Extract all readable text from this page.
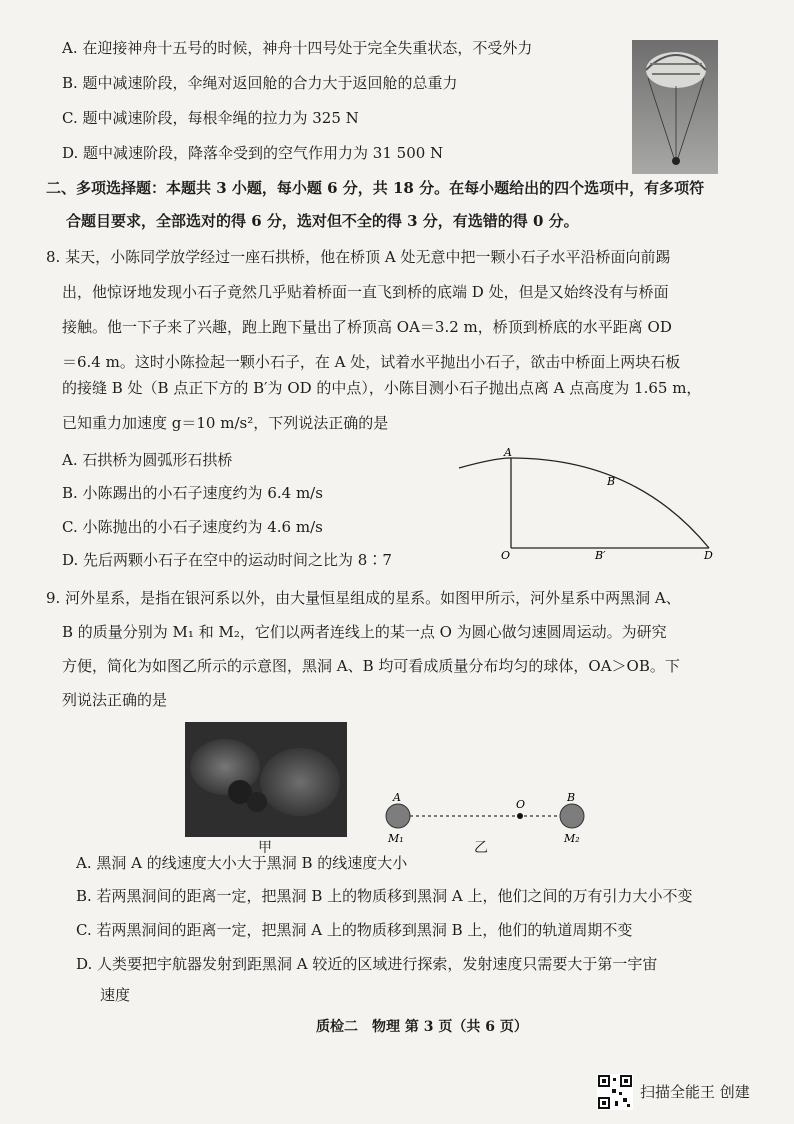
A. 在迎接神舟十五号的时候，神舟十四号处于完全失重状态，不受外力
B. 题中减速阶段，伞绳对返回舱的合力大于返回舱的总重力
C. 题中减速阶段，每根伞绳的拉力为 325 N
D. 题中减速阶段，降落伞受到的空气作用力为 31 500 N
二、多项选择题：本题共 3 小题，每小题 6 分，共 18 分。在每小题给出的四个选项中，有多项符
合题目要求，全部选对的得 6 分，选对但不全的得 3 分，有选错的得 0 分。
8. 某天，小陈同学放学经过一座石拱桥，他在桥顶 A 处无意中把一颗小石子水平沿桥面向前踢
出，他惊讶地发现小石子竟然几乎贴着桥面一直飞到桥的底端 D 处，但是又始终没有与桥面
接触。他一下子来了兴趣，跑上跑下量出了桥顶高 OA＝3.2 m，桥顶到桥底的水平距离 OD
＝6.4 m。这时小陈捡起一颗小石子，在 A 处，试着水平抛出小石子，欲击中桥面上两块石板
的接缝 B 处（B 点正下方的 B′为 OD 的中点），小陈目测小石子抛出点离 A 点高度为 1.65 m，
已知重力加速度 g＝10 m/s²，下列说法正确的是
A. 石拱桥为圆弧形石拱桥
B. 小陈踢出的小石子速度约为 6.4 m/s
C. 小陈抛出的小石子速度约为 4.6 m/s
D. 先后两颗小石子在空中的运动时间之比为 8∶7
A
B
O	B′	D
9. 河外星系，是指在银河系以外，由大量恒星组成的星系。如图甲所示，河外星系中两黑洞 A、
B 的质量分别为 M₁ 和 M₂，它们以两者连线上的某一点 O 为圆心做匀速圆周运动。为研究
方便，简化为如图乙所示的示意图，黑洞 A、B 均可看成质量分布均匀的球体，OA＞OB。下
列说法正确的是
甲
A
O
B
M₁	M₂
乙
A. 黑洞 A 的线速度大小大于黑洞 B 的线速度大小
B. 若两黑洞间的距离一定，把黑洞 B 上的物质移到黑洞 A 上，他们之间的万有引力大小不变
C. 若两黑洞间的距离一定，把黑洞 A 上的物质移到黑洞 B 上，他们的轨道周期不变
D. 人类要把宇航器发射到距黑洞 A 较近的区域进行探索，发射速度只需要大于第一宇宙
速度
质检二　物理 第 3 页（共 6 页）
扫描全能王 创建
